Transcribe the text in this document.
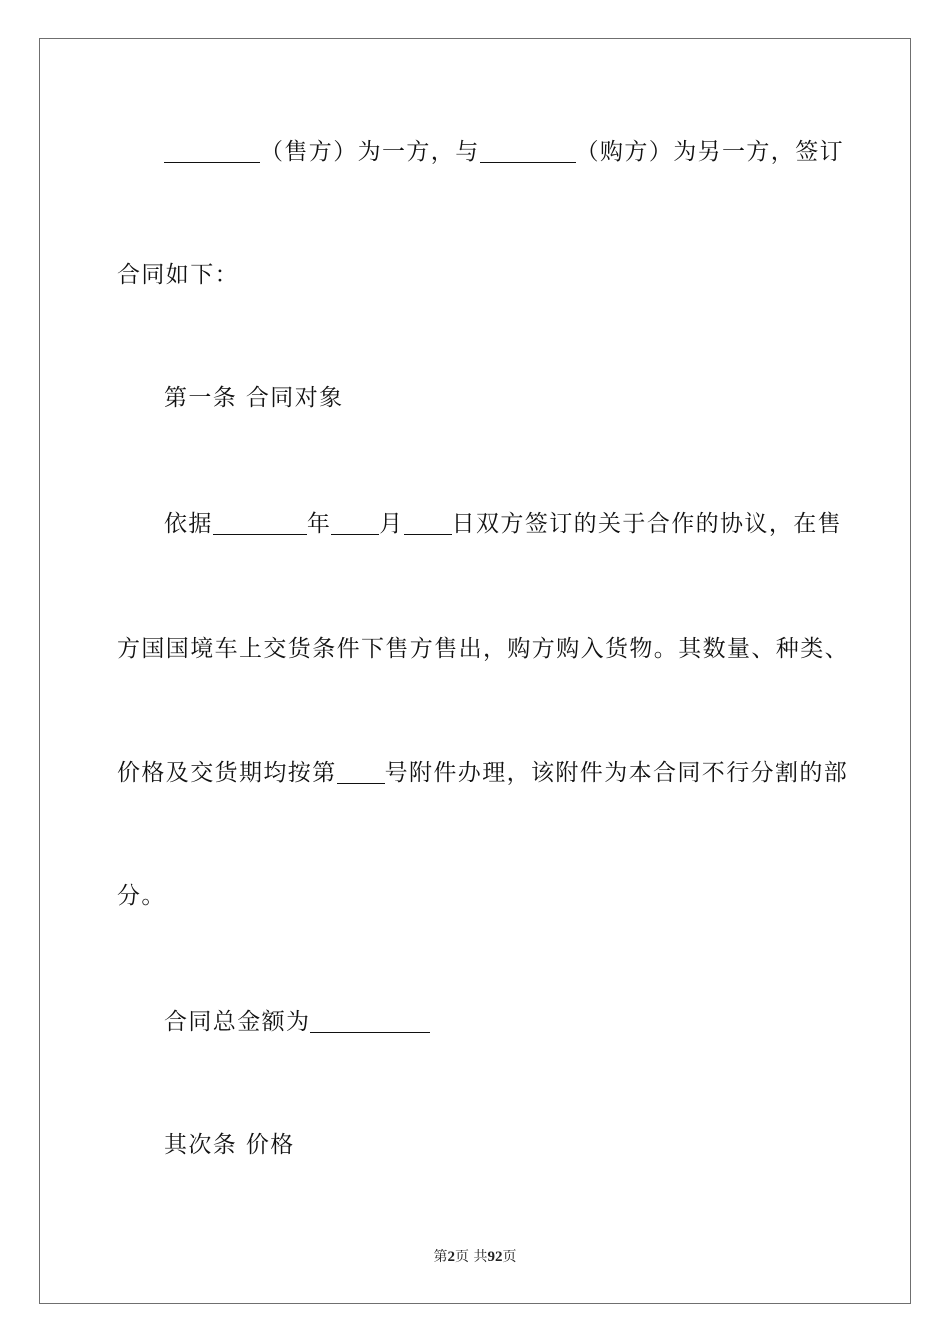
（售方）为一方，与	（购方）为另一方，签订
合同如下：
第一条 合同对象
依据	年 月 日双方签订的关于合作的协议，在售
方国国境车上交货条件下售方售出，购方购入货物。其数量、种类、
价格及交货期均按第 号附件办理，该附件为本合同不行分割的部
分。
合同总金额为
其次条 价格
第2页 共92页
